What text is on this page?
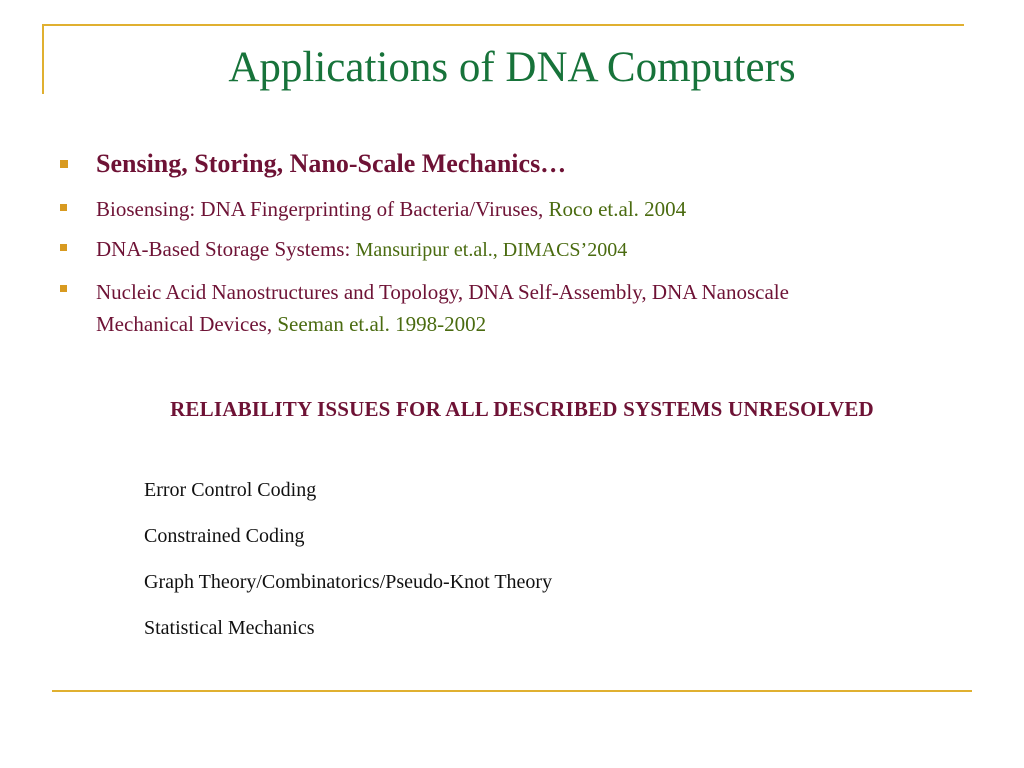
Applications of DNA Computers
Sensing, Storing, Nano-Scale Mechanics…
Biosensing: DNA Fingerprinting of Bacteria/Viruses, Roco et.al. 2004
DNA-Based Storage Systems: Mansuripur et.al., DIMACS’2004
Nucleic Acid Nanostructures and Topology, DNA Self-Assembly, DNA Nanoscale Mechanical Devices, Seeman et.al. 1998-2002
RELIABILITY ISSUES FOR ALL DESCRIBED SYSTEMS UNRESOLVED
Error Control Coding
Constrained Coding
Graph Theory/Combinatorics/Pseudo-Knot Theory
Statistical Mechanics
